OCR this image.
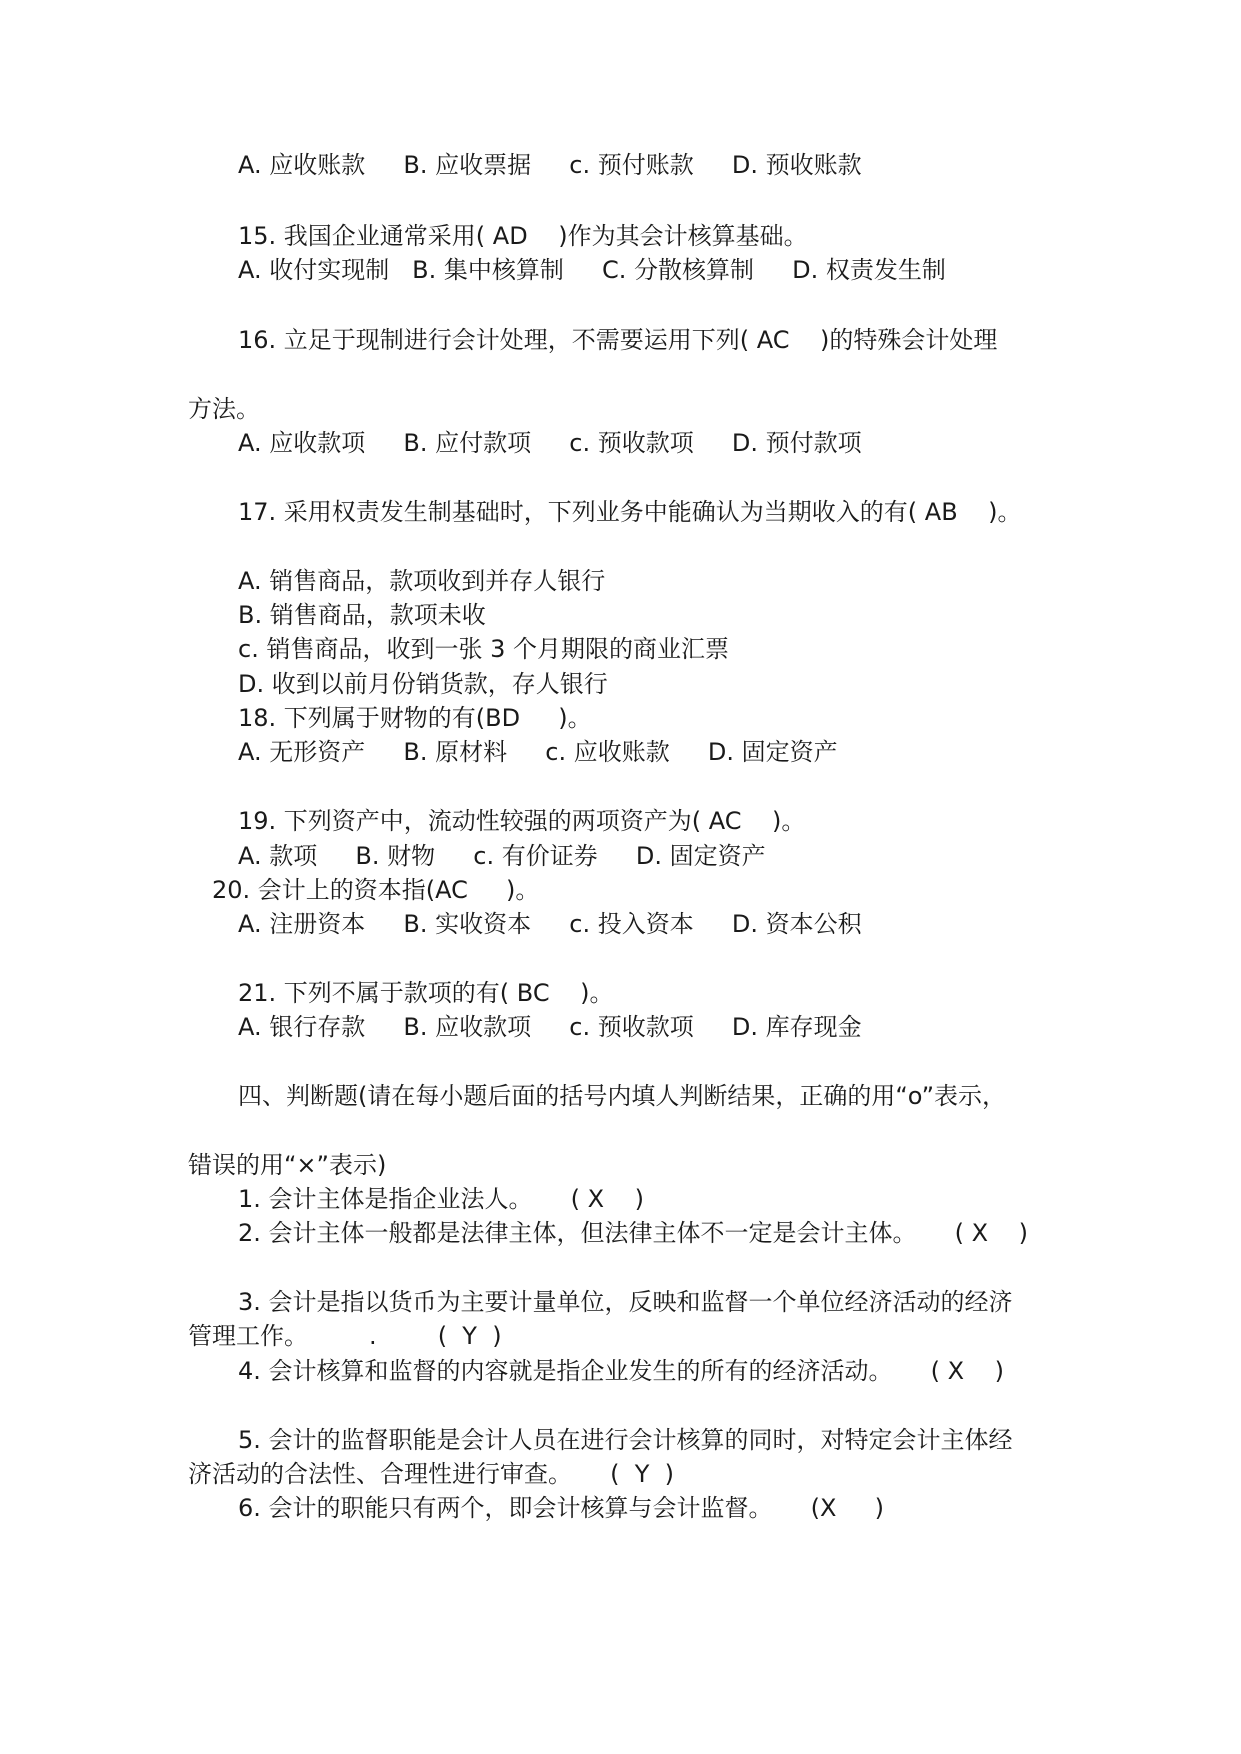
A. 应收账款     B. 应收票据     c. 预付账款     D. 预收账款
15. 我国企业通常采用( AD    )作为其会计核算基础。
A. 收付实现制   B. 集中核算制     C. 分散核算制     D. 权责发生制
16. 立足于现制进行会计处理，不需要运用下列( AC    )的特殊会计处理
方法。
A. 应收款项     B. 应付款项     c. 预收款项     D. 预付款项
17. 采用权责发生制基础时，下列业务中能确认为当期收入的有( AB    )。
A. 销售商品，款项收到并存人银行
B. 销售商品，款项未收
c. 销售商品，收到一张 3 个月期限的商业汇票
D. 收到以前月份销货款，存人银行
18. 下列属于财物的有(BD     )。
A. 无形资产     B. 原材料     c. 应收账款     D. 固定资产
19. 下列资产中，流动性较强的两项资产为( AC    )。
A. 款项     B. 财物     c. 有价证券     D. 固定资产
20. 会计上的资本指(AC     )。
A. 注册资本     B. 实收资本     c. 投入资本     D. 资本公积
21. 下列不属于款项的有( BC    )。
A. 银行存款     B. 应收款项     c. 预收款项     D. 库存现金
四、判断题(请在每小题后面的括号内填人判断结果，正确的用“o”表示，
错误的用“×”表示)
1. 会计主体是指企业法人。     ( X    )
2. 会计主体一般都是法律主体，但法律主体不一定是会计主体。     ( X    )
3. 会计是指以货币为主要计量单位，反映和监督一个单位经济活动的经济
管理工作。        .        (  Y  )
4. 会计核算和监督的内容就是指企业发生的所有的经济活动。     ( X    )
5. 会计的监督职能是会计人员在进行会计核算的同时，对特定会计主体经
济活动的合法性、合理性进行审查。     (  Y  )
6. 会计的职能只有两个，即会计核算与会计监督。     (X     )
